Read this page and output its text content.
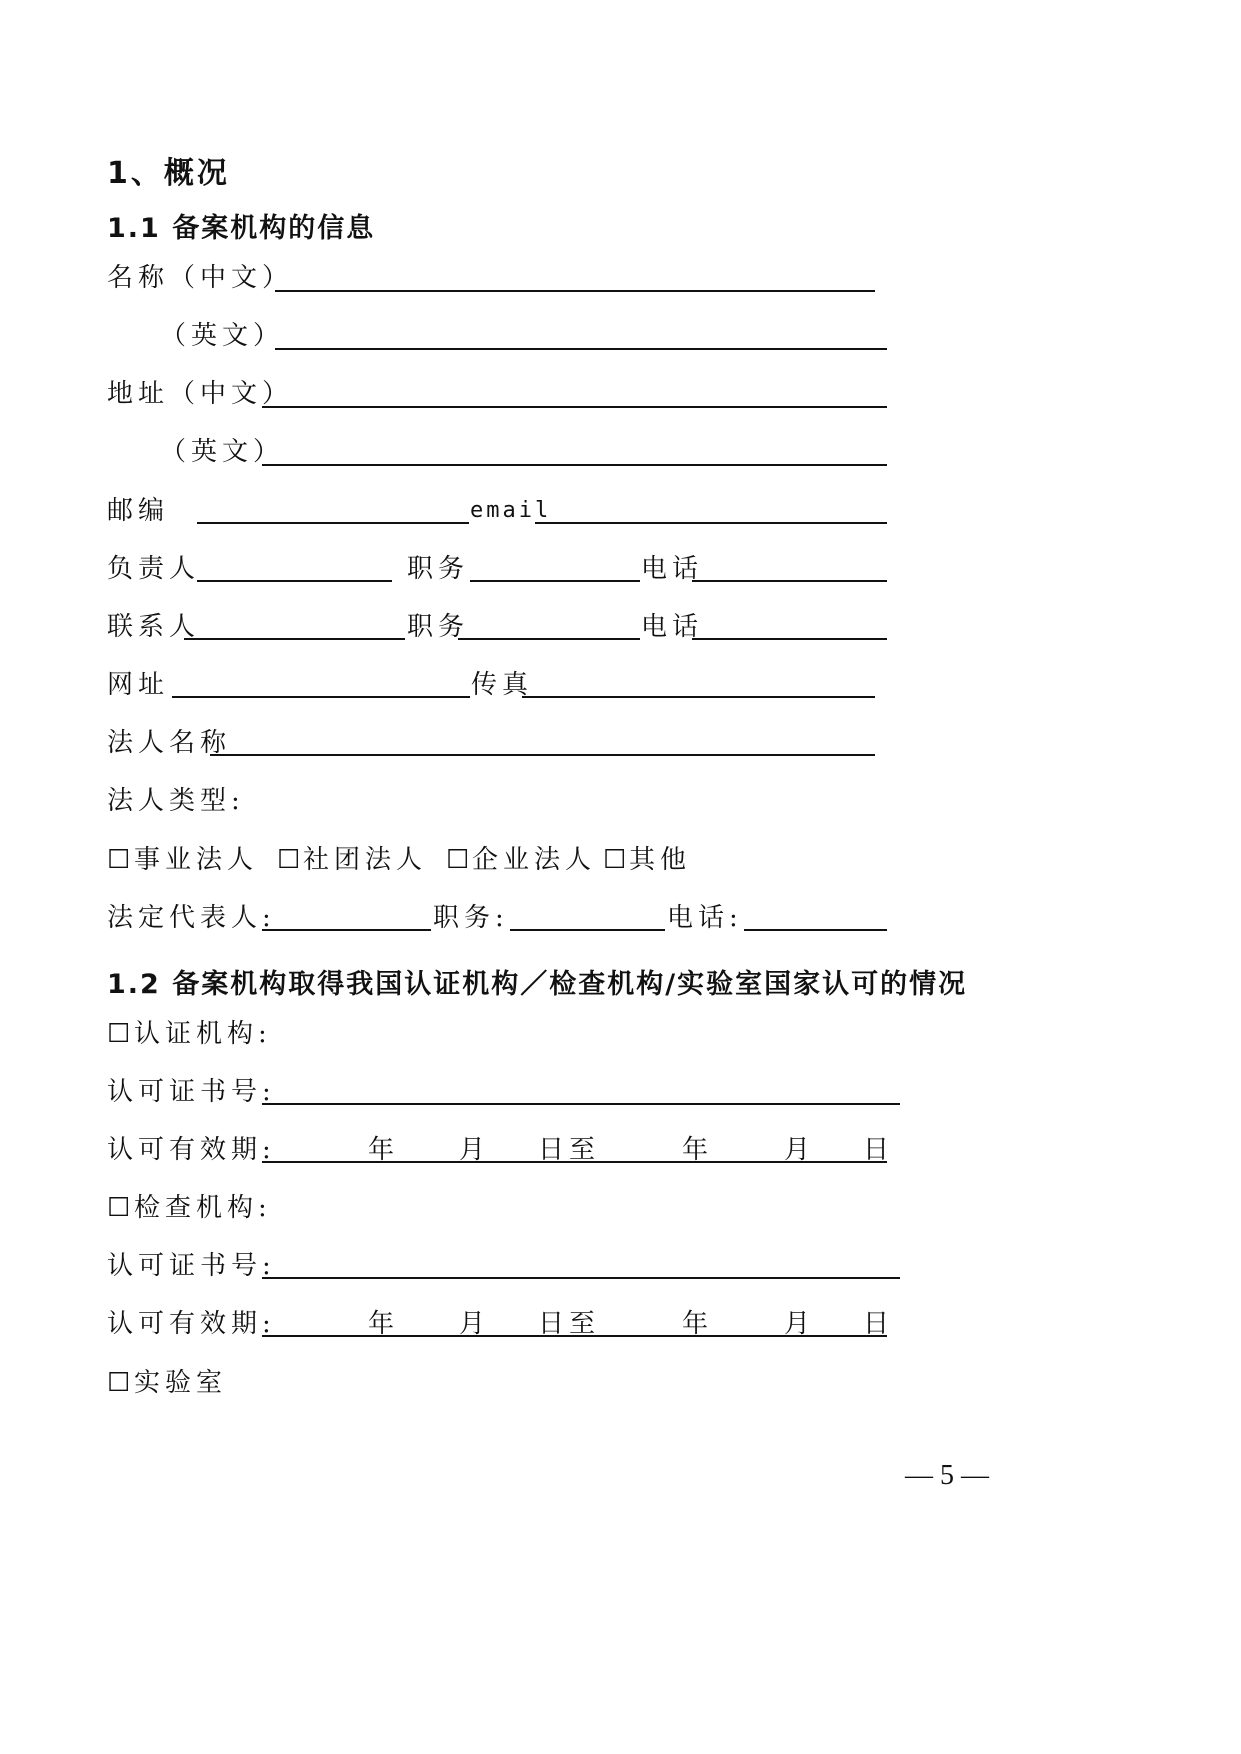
1、概况
1.1 备案机构的信息
名称（中文）
（英文）
地址（中文）
（英文）
邮编	email
负责人	职务	电话
联系人	职务	电话
网址	传真
法人名称
法人类型:
☐
事业法人 ☐
社团法人 ☐
企业法人 ☐
其他
法定代表人:	职务:	电话:
1.2 备案机构取得我国认证机构／检查机构/实验室国家认可的情况
☐
认证机构:
认可证书号:
认可有效期:	年 月 日至	年	月 日
☐
检查机构:
认可证书号:
认可有效期:	年 月 日至	年	月 日
☐
实验室
— 5 —
